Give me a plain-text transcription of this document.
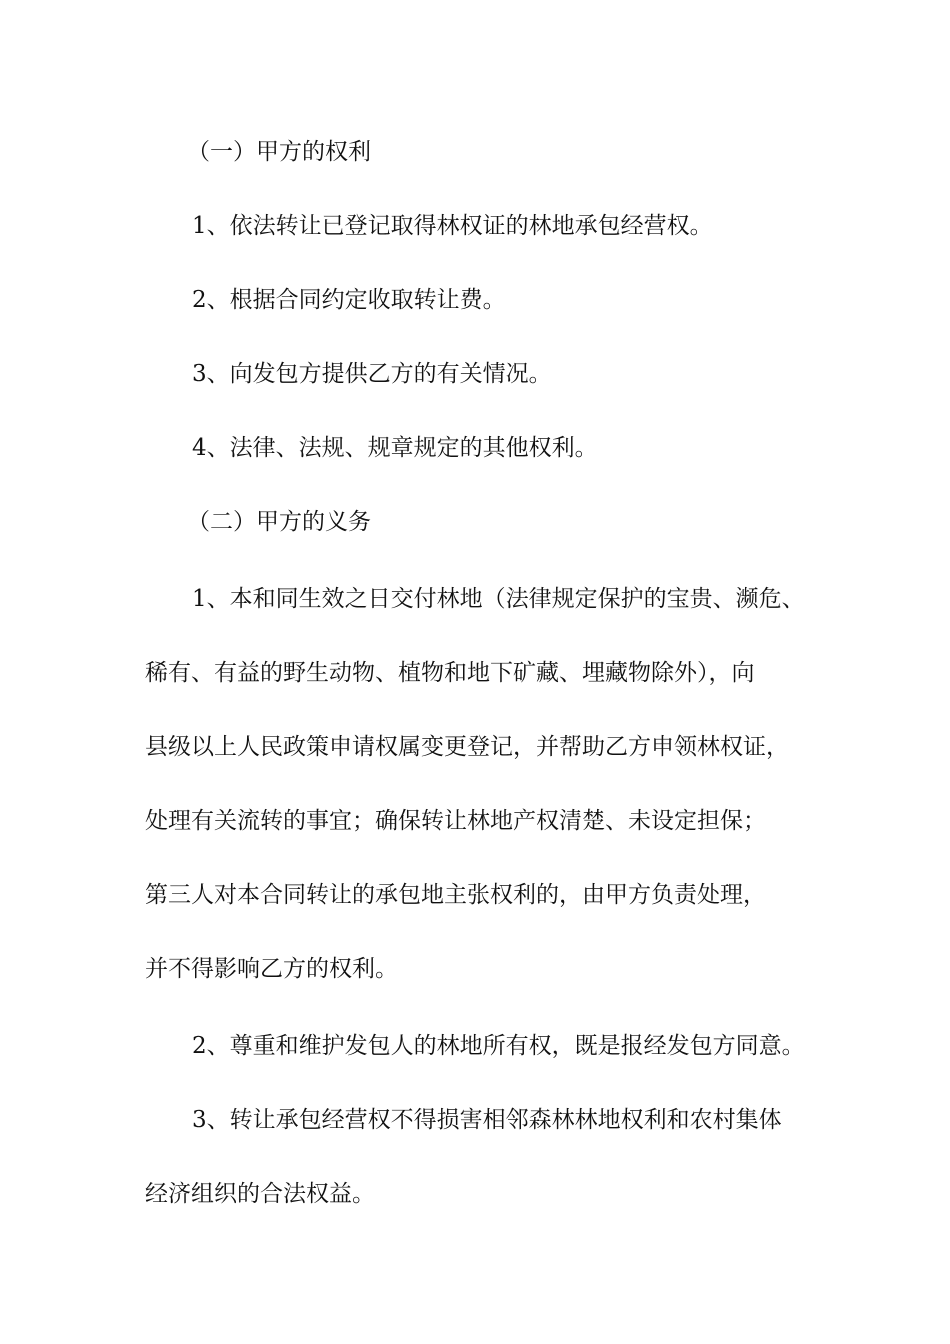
（一）甲方的权利
1、依法转让已登记取得林权证的林地承包经营权。
2、根据合同约定收取转让费。
3、向发包方提供乙方的有关情况。
4、法律、法规、规章规定的其他权利。
（二）甲方的义务
1、本和同生效之日交付林地（法律规定保护的宝贵、濒危、
稀有、有益的野生动物、植物和地下矿藏、埋藏物除外），向
县级以上人民政策申请权属变更登记，并帮助乙方申领林权证，
处理有关流转的事宜；确保转让林地产权清楚、未设定担保；
第三人对本合同转让的承包地主张权利的，由甲方负责处理，
并不得影响乙方的权利。
2、尊重和维护发包人的林地所有权，既是报经发包方同意。
3、转让承包经营权不得损害相邻森林林地权利和农村集体
经济组织的合法权益。
